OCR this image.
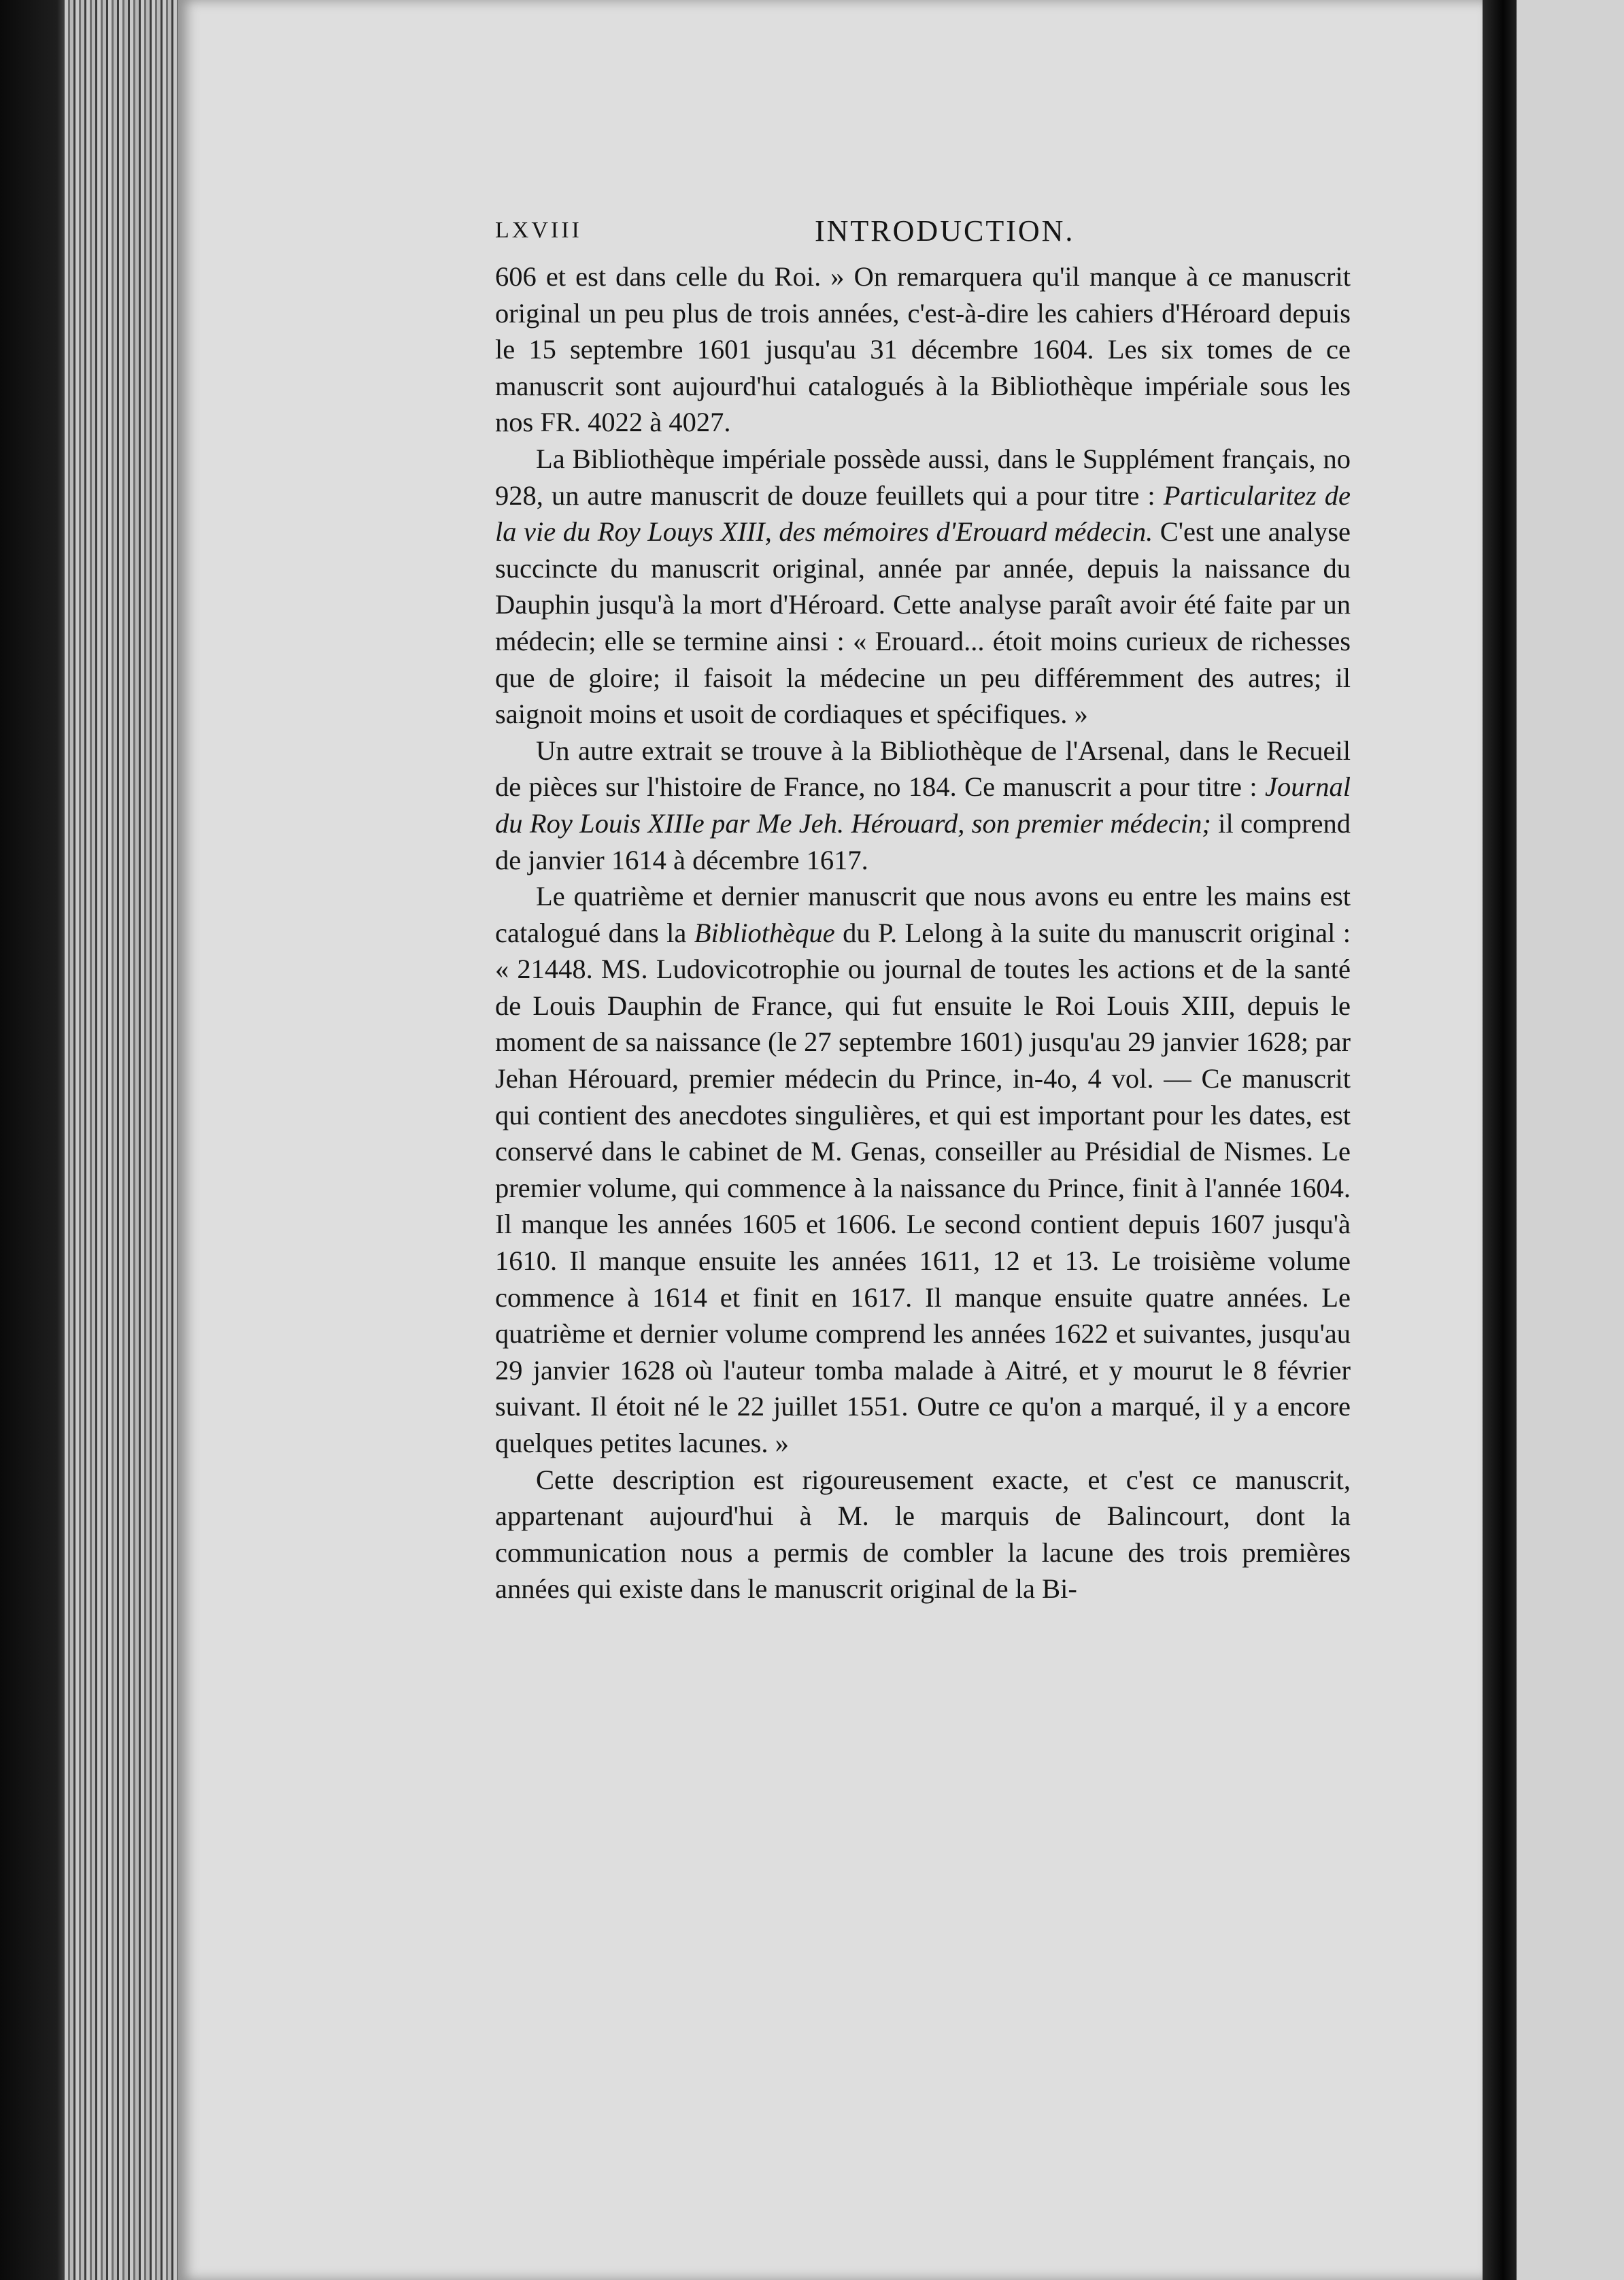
LXVIII	INTRODUCTION.

606 et est dans celle du Roi. » On remarquera qu'il manque à ce manuscrit original un peu plus de trois années, c'est-à-dire les cahiers d'Héroard depuis le 15 septembre 1601 jusqu'au 31 décembre 1604. Les six tomes de ce manuscrit sont aujourd'hui catalogués à la Bibliothèque impériale sous les nos FR. 4022 à 4027.

La Bibliothèque impériale possède aussi, dans le Supplément français, no 928, un autre manuscrit de douze feuillets qui a pour titre : Particularitez de la vie du Roy Louys XIII, des mémoires d'Erouard médecin. C'est une analyse succincte du manuscrit original, année par année, depuis la naissance du Dauphin jusqu'à la mort d'Héroard. Cette analyse paraît avoir été faite par un médecin; elle se termine ainsi : « Erouard... étoit moins curieux de richesses que de gloire; il faisoit la médecine un peu différemment des autres; il saignoit moins et usoit de cordiaques et spécifiques. »

Un autre extrait se trouve à la Bibliothèque de l'Arsenal, dans le Recueil de pièces sur l'histoire de France, no 184. Ce manuscrit a pour titre : Journal du Roy Louis XIIIe par Me Jeh. Hérouard, son premier médecin; il comprend de janvier 1614 à décembre 1617.

Le quatrième et dernier manuscrit que nous avons eu entre les mains est catalogué dans la Bibliothèque du P. Lelong à la suite du manuscrit original : « 21448. MS. Ludovicotrophie ou journal de toutes les actions et de la santé de Louis Dauphin de France, qui fut ensuite le Roi Louis XIII, depuis le moment de sa naissance (le 27 septembre 1601) jusqu'au 29 janvier 1628; par Jehan Hérouard, premier médecin du Prince, in-4o, 4 vol. — Ce manuscrit qui contient des anecdotes singulières, et qui est important pour les dates, est conservé dans le cabinet de M. Genas, conseiller au Présidial de Nismes. Le premier volume, qui commence à la naissance du Prince, finit à l'année 1604. Il manque les années 1605 et 1606. Le second contient depuis 1607 jusqu'à 1610. Il manque ensuite les années 1611, 12 et 13. Le troisième volume commence à 1614 et finit en 1617. Il manque ensuite quatre années. Le quatrième et dernier volume comprend les années 1622 et suivantes, jusqu'au 29 janvier 1628 où l'auteur tomba malade à Aitré, et y mourut le 8 février suivant. Il étoit né le 22 juillet 1551. Outre ce qu'on a marqué, il y a encore quelques petites lacunes. »

Cette description est rigoureusement exacte, et c'est ce manuscrit, appartenant aujourd'hui à M. le marquis de Balincourt, dont la communication nous a permis de combler la lacune des trois premières années qui existe dans le manuscrit original de la Bi-
